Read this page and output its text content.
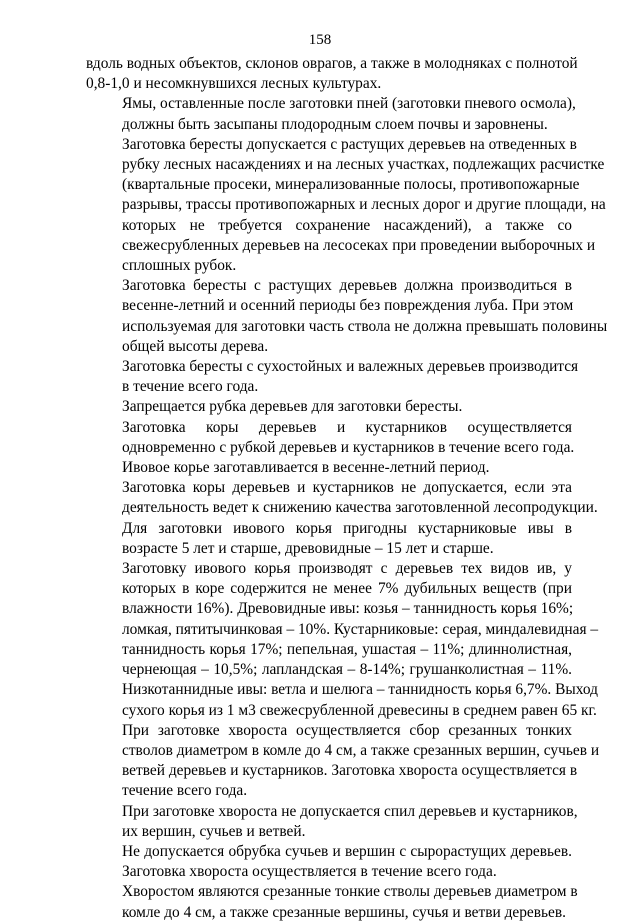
158
вдоль водных объектов, склонов оврагов, а также в молодняках с полнотой
0,8-1,0 и несомкнувшихся лесных культурах.
Ямы, оставленные после заготовки пней (заготовки пневого осмола),
должны быть засыпаны плодородным слоем почвы и заровнены.
Заготовка бересты допускается с растущих деревьев на отведенных в
рубку лесных насаждениях и на лесных участках, подлежащих расчистке
(квартальные просеки, минерализованные полосы, противопожарные
разрывы, трассы противопожарных и лесных дорог и другие площади, на
которых не требуется сохранение насаждений), а также со
свежесрубленных деревьев на лесосеках при проведении выборочных и
сплошных рубок.
Заготовка бересты с растущих деревьев должна производиться в
весенне-летний и осенний периоды без повреждения луба. При этом
используемая для заготовки часть ствола не должна превышать половины
общей высоты дерева.
Заготовка бересты с сухостойных и валежных деревьев производится
в течение всего года.
Запрещается рубка деревьев для заготовки бересты.
Заготовка коры деревьев и кустарников осуществляется
одновременно с рубкой деревьев и кустарников в течение всего года.
Ивовое корье заготавливается в весенне-летний период.
Заготовка коры деревьев и кустарников не допускается, если эта
деятельность ведет к снижению качества заготовленной лесопродукции.
Для заготовки ивового корья пригодны кустарниковые ивы в
возрасте 5 лет и старше, древовидные – 15 лет и старше.
Заготовку ивового корья производят с деревьев тех видов ив, у
которых в коре содержится не менее 7% дубильных веществ (при
влажности 16%). Древовидные ивы: козья – таннидность корья 16%;
ломкая, пятитычинковая – 10%. Кустарниковые: серая, миндалевидная –
таннидность корья 17%; пепельная, ушастая – 11%; длиннолистная,
чернеющая – 10,5%; лапландская – 8-14%; грушанколистная – 11%.
Низкотаннидные ивы: ветла и шелюга – таннидность корья 6,7%. Выход
сухого корья из 1 м3 свежесрубленной древесины в среднем равен 65 кг.
При заготовке хвороста осуществляется сбор срезанных тонких
стволов диаметром в комле до 4 см, а также срезанных вершин, сучьев и
ветвей деревьев и кустарников. Заготовка хвороста осуществляется в
течение всего года.
При заготовке хвороста не допускается спил деревьев и кустарников,
их вершин, сучьев и ветвей.
Не допускается обрубка сучьев и вершин с сырорастущих деревьев.
Заготовка хвороста осуществляется в течение всего года.
Хворостом являются срезанные тонкие стволы деревьев диаметром в
комле до 4 см, а также срезанные вершины, сучья и ветви деревьев.
